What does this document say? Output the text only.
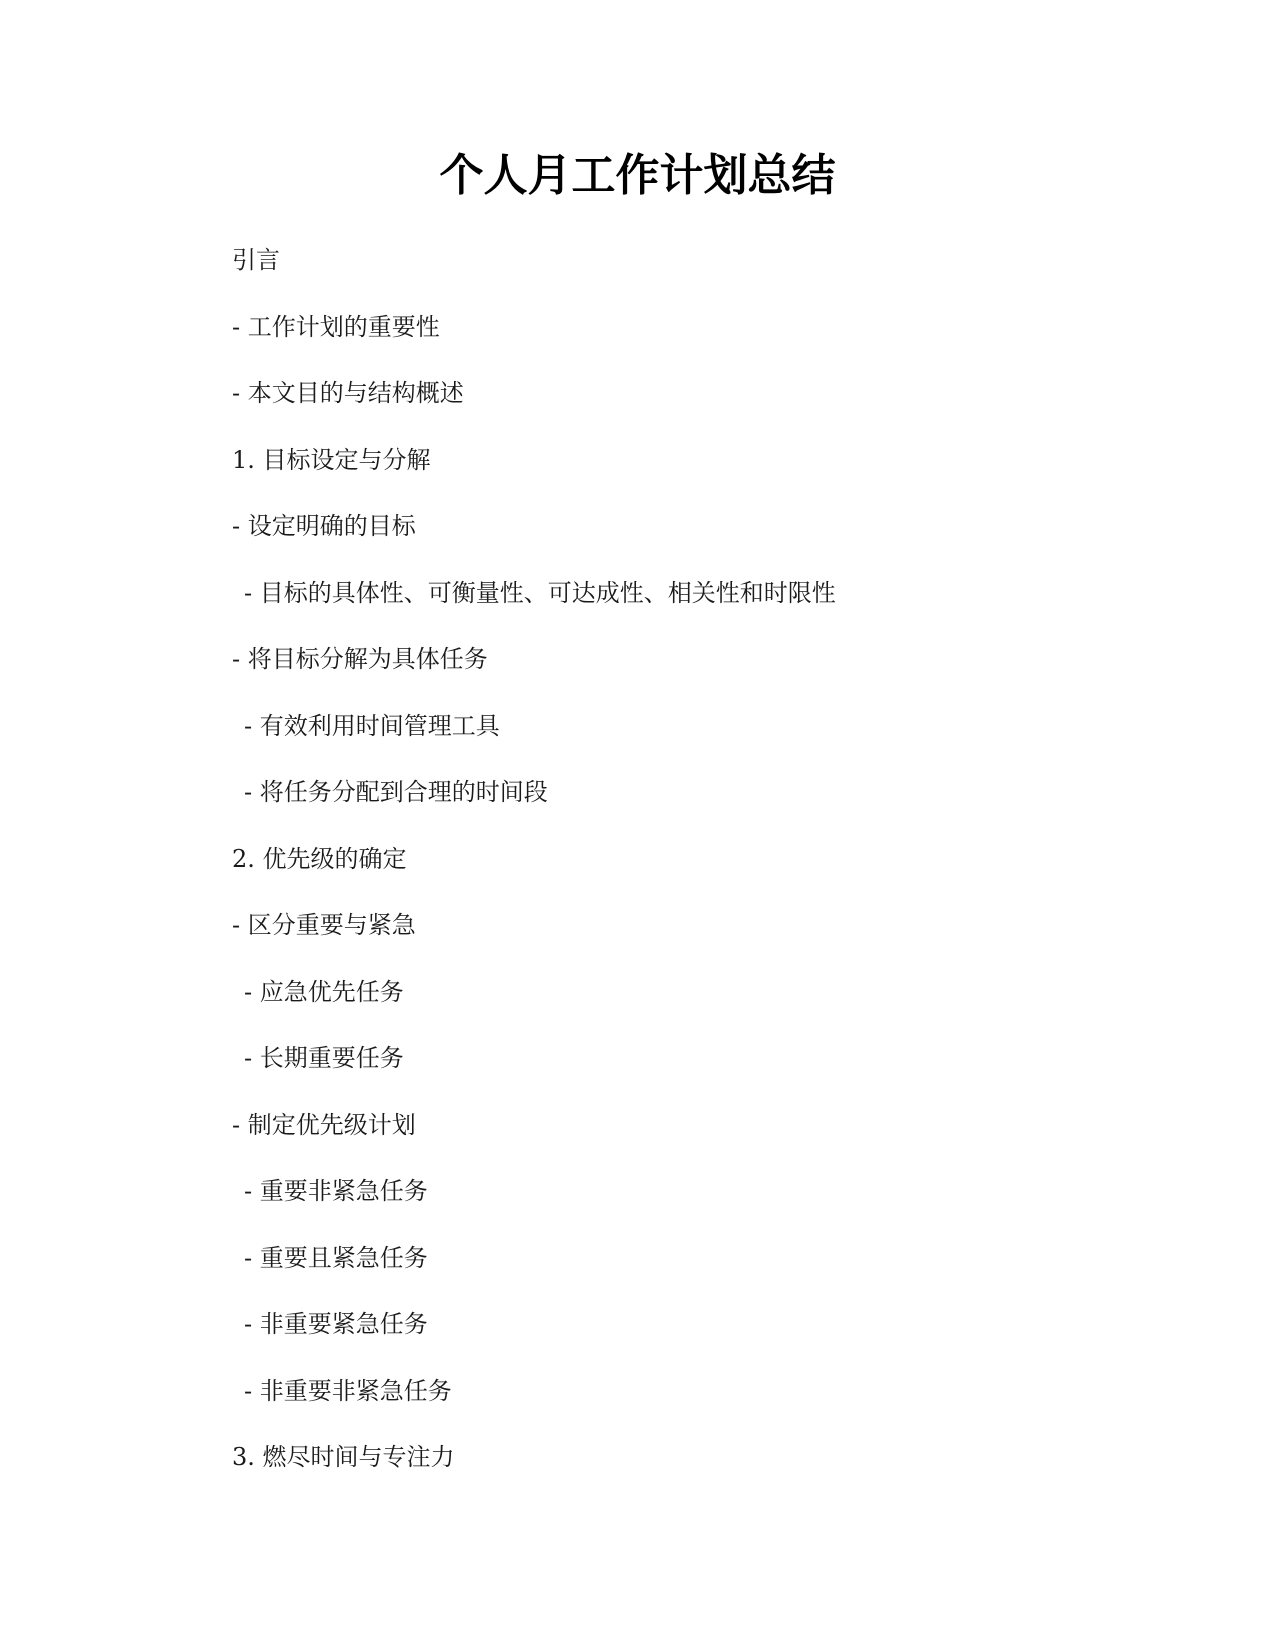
个人月工作计划总结
引言
- 工作计划的重要性
- 本文目的与结构概述
1. 目标设定与分解
- 设定明确的目标
- 目标的具体性、可衡量性、可达成性、相关性和时限性
- 将目标分解为具体任务
- 有效利用时间管理工具
- 将任务分配到合理的时间段
2. 优先级的确定
- 区分重要与紧急
- 应急优先任务
- 长期重要任务
- 制定优先级计划
- 重要非紧急任务
- 重要且紧急任务
- 非重要紧急任务
- 非重要非紧急任务
3. 燃尽时间与专注力
